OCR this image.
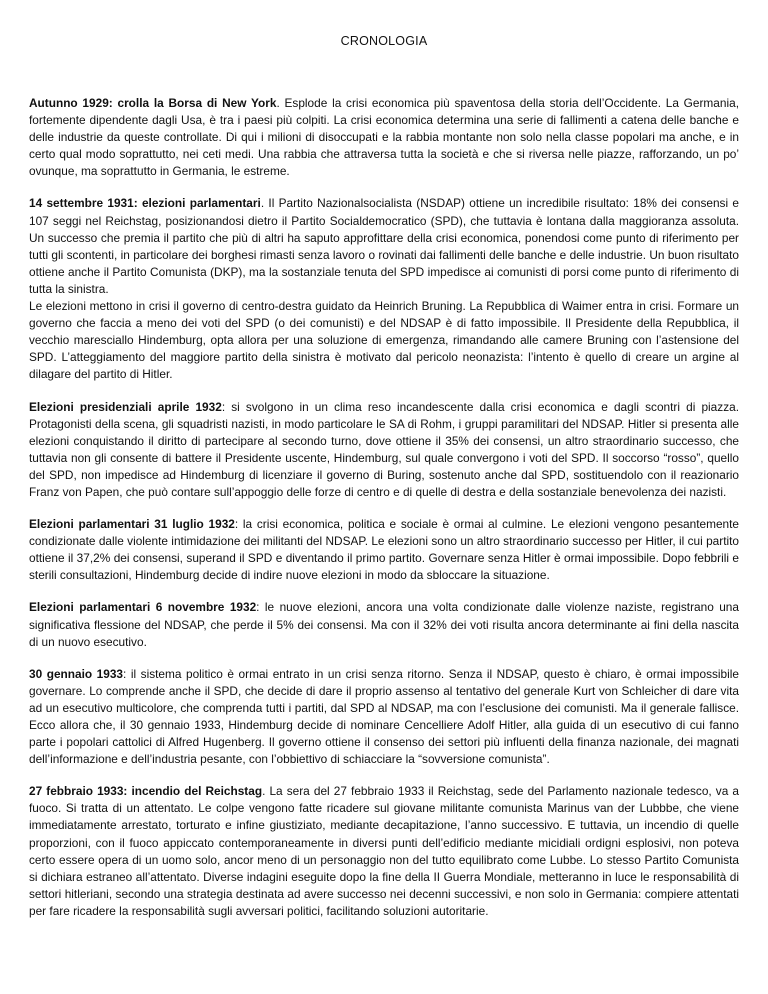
CRONOLOGIA

Autunno 1929: crolla la Borsa di New York. Esplode la crisi economica più spaventosa della storia dell’Occidente. La Germania, fortemente dipendente dagli Usa, è tra i paesi più colpiti. La crisi economica determina una serie di fallimenti a catena delle banche e delle industrie da queste controllate. Di qui i milioni di disoccupati e la rabbia montante non solo nella classe popolari ma anche, e in certo qual modo soprattutto, nei ceti medi. Una rabbia che attraversa tutta la società e che si riversa nelle piazze, rafforzando, un po’ ovunque, ma soprattutto in Germania, le estreme.

14 settembre 1931: elezioni parlamentari. Il Partito Nazionalsocialista (NSDAP) ottiene un incredibile risultato: 18% dei consensi e 107 seggi nel Reichstag, posizionandosi dietro il Partito Socialdemocratico (SPD), che tuttavia è lontana dalla maggioranza assoluta. Un successo che premia il partito che più di altri ha saputo approfittare della crisi economica, ponendosi come punto di riferimento per tutti gli scontenti, in particolare dei borghesi rimasti senza lavoro o rovinati dai fallimenti delle banche e delle industrie. Un buon risultato ottiene anche il Partito Comunista (DKP), ma la sostanziale tenuta del SPD impedisce ai comunisti di porsi come punto di riferimento di tutta la sinistra.

Le elezioni mettono in crisi il governo di centro-destra guidato da Heinrich Bruning. La Repubblica di Waimer entra in crisi. Formare un governo che faccia a meno dei voti del SPD (o dei comunisti) e del NDSAP è di fatto impossibile. Il Presidente della Repubblica, il vecchio maresciallo Hindemburg, opta allora per una soluzione di emergenza, rimandando alle camere Bruning con l’astensione del SPD. L’atteggiamento del maggiore partito della sinistra è motivato dal pericolo neonazista: l’intento è quello di creare un argine al dilagare del partito di Hitler.

Elezioni presidenziali aprile 1932: si svolgono in un clima reso incandescente dalla crisi economica e dagli scontri di piazza. Protagonisti della scena, gli squadristi nazisti, in modo particolare le SA di Rohm, i gruppi paramilitari del NDSAP. Hitler si presenta alle elezioni conquistando il diritto di partecipare al secondo turno, dove ottiene il 35% dei consensi, un altro straordinario successo, che tuttavia non gli consente di battere il Presidente uscente, Hindemburg, sul quale convergono i voti del SPD. Il soccorso “rosso”, quello del SPD, non impedisce ad Hindemburg di licenziare il governo di Buring, sostenuto anche dal SPD, sostituendolo con il reazionario Franz von Papen, che può contare sull’appoggio delle forze di centro e di quelle di destra e della sostanziale benevolenza dei nazisti.

Elezioni parlamentari 31 luglio 1932: la crisi economica, politica e sociale è ormai al culmine. Le elezioni vengono pesantemente condizionate dalle violente intimidazione dei militanti del NDSAP. Le elezioni sono un altro straordinario successo per Hitler, il cui partito ottiene il 37,2% dei consensi, superand il SPD e diventando il primo partito. Governare senza Hitler è ormai impossibile. Dopo febbrili e sterili consultazioni, Hindemburg decide di indire nuove elezioni in modo da sbloccare la situazione.

Elezioni parlamentari 6 novembre 1932: le nuove elezioni, ancora una volta condizionate dalle violenze naziste, registrano una significativa flessione del NDSAP, che perde il 5% dei consensi. Ma con il 32% dei voti risulta ancora determinante ai fini della nascita di un nuovo esecutivo.

30 gennaio 1933: il sistema politico è ormai entrato in un crisi senza ritorno. Senza il NDSAP, questo è chiaro, è ormai impossibile governare. Lo comprende anche il SPD, che decide di dare il proprio assenso al tentativo del generale Kurt von Schleicher di dare vita ad un esecutivo multicolore, che comprenda tutti i partiti, dal SPD al NDSAP, ma con l’esclusione dei comunisti. Ma il generale fallisce. Ecco allora che, il 30 gennaio 1933, Hindemburg decide di nominare Cencelliere Adolf Hitler, alla guida di un esecutivo di cui fanno parte i popolari cattolici di Alfred Hugenberg. Il governo ottiene il consenso dei settori più influenti della finanza nazionale, dei magnati dell’informazione e dell’industria pesante, con l’obbiettivo di schiacciare la “sovversione comunista”.

27 febbraio 1933: incendio del Reichstag. La sera del 27 febbraio 1933 il Reichstag, sede del Parlamento nazionale tedesco, va a fuoco. Si tratta di un attentato. Le colpe vengono fatte ricadere sul giovane militante comunista Marinus van der Lubbbe, che viene immediatamente arrestato, torturato e infine giustiziato, mediante decapitazione, l’anno successivo. E tuttavia, un incendio di quelle proporzioni, con il fuoco appiccato contemporaneamente in diversi punti dell’edificio mediante micidiali ordigni esplosivi, non poteva certo essere opera di un uomo solo, ancor meno di un personaggio non del tutto equilibrato come Lubbe. Lo stesso Partito Comunista si dichiara estraneo all’attentato. Diverse indagini eseguite dopo la fine della II Guerra Mondiale, metteranno in luce le responsabilità di settori hitleriani, secondo una strategia destinata ad avere successo nei decenni successivi, e non solo in Germania: compiere attentati per fare ricadere la responsabilità sugli avversari politici, facilitando soluzioni autoritarie.
